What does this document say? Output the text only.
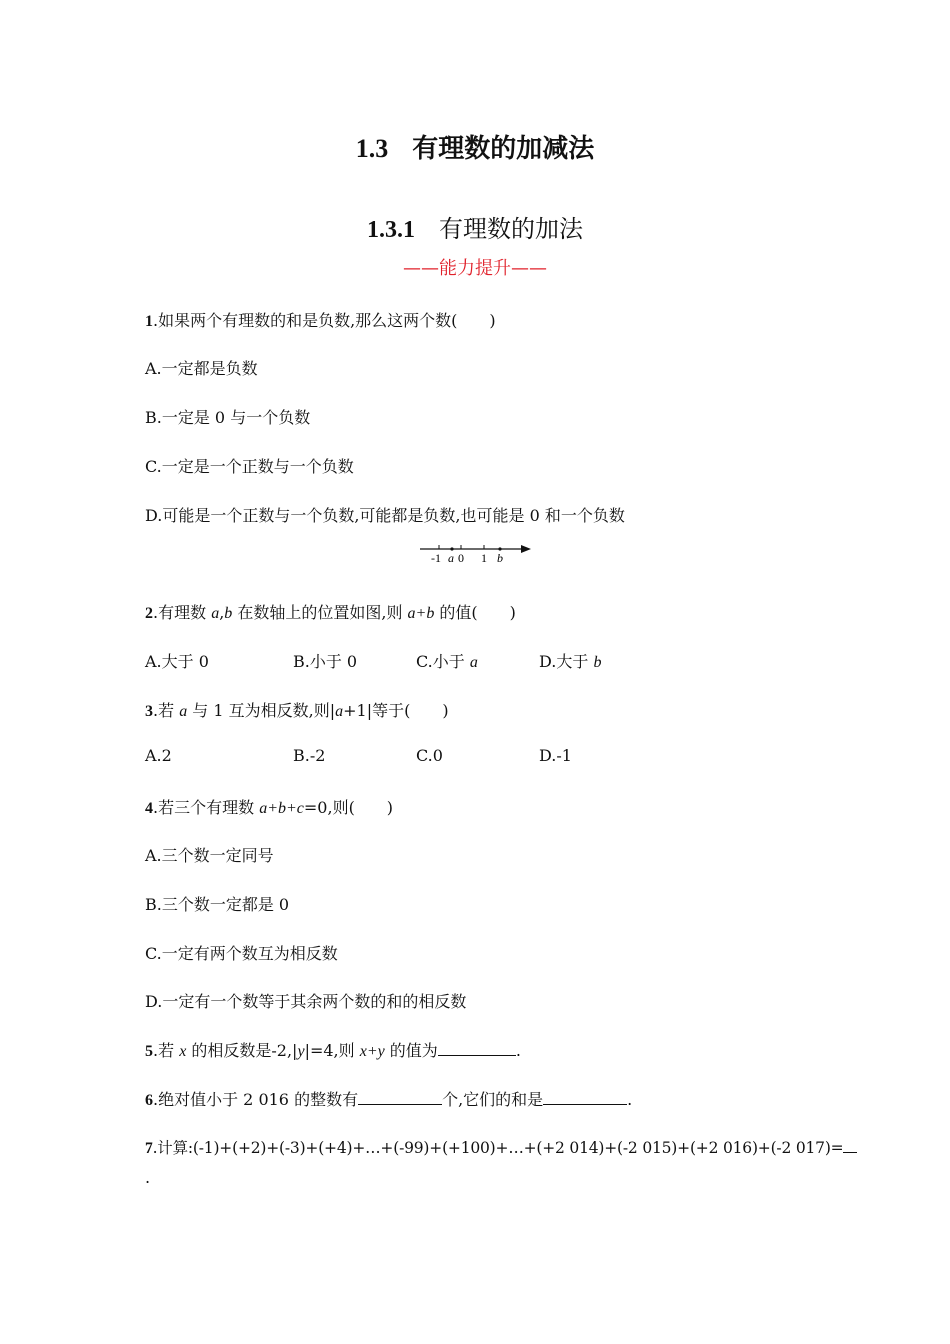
1.3 有理数的加减法
1.3.1 有理数的加法
——能力提升——
1.如果两个有理数的和是负数,那么这两个数(　　)
A.一定都是负数
B.一定是 0 与一个负数
C.一定是一个正数与一个负数
D.可能是一个正数与一个负数,可能都是负数,也可能是 0 和一个负数
-1 a 0 1 b
2.有理数 a,b 在数轴上的位置如图,则 a+b 的值(　　)
A.大于 0	B.小于 0	C.小于 a	D.大于 b
3.若 a 与 1 互为相反数,则|a+1|等于(　　)
A.2	B.-2	C.0	D.-1
4.若三个有理数 a+b+c=0,则(　　)
A.三个数一定同号
B.三个数一定都是 0
C.一定有两个数互为相反数
D.一定有一个数等于其余两个数的和的相反数
5.若 x 的相反数是-2,|y|=4,则 x+y 的值为	.
6.绝对值小于 2 016 的整数有	个,它们的和是	.
7.计算:(-1)+(+2)+(-3)+(+4)+…+(-99)+(+100)+…+(+2 014)+(-2 015)+(+2 016)+(-2 017)=
.
